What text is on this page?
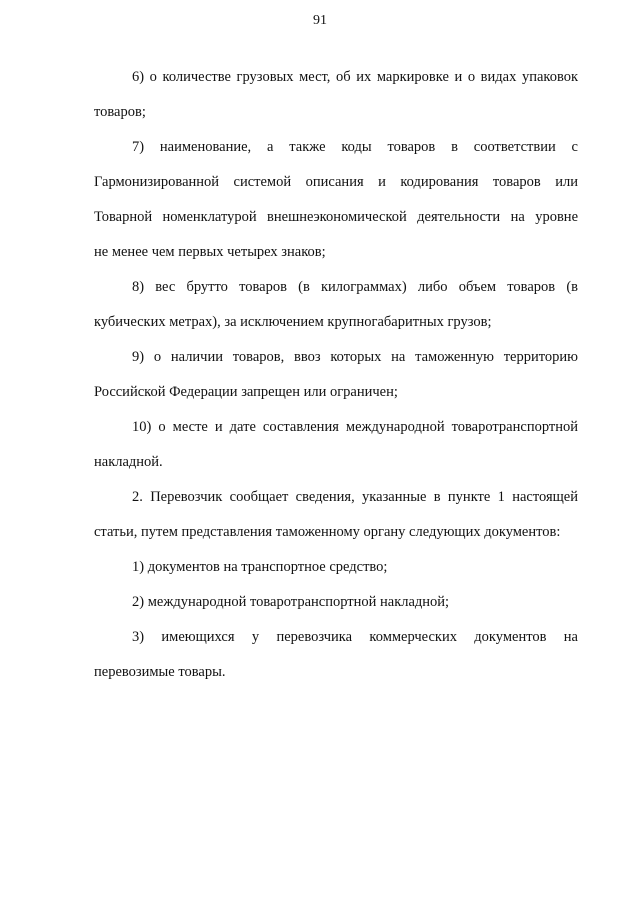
91

6) о количестве грузовых мест, об их маркировке и о видах упаковок
товаров;

7) наименование, а также коды товаров в соответствии с
Гармонизированной системой описания и кодирования товаров или
Товарной номенклатурой внешнеэкономической деятельности на уровне
не менее чем первых четырех знаков;

8) вес брутто товаров (в килограммах) либо объем товаров (в
кубических метрах), за исключением крупногабаритных грузов;

9) о наличии товаров, ввоз которых на таможенную территорию
Российской Федерации запрещен или ограничен;

10) о месте и дате составления международной товаротранспортной
накладной.

2. Перевозчик сообщает сведения, указанные в пункте 1 настоящей
статьи, путем представления таможенному органу следующих документов:

1) документов на транспортное средство;

2) международной товаротранспортной накладной;

3) имеющихся у перевозчика коммерческих документов на
перевозимые товары.
